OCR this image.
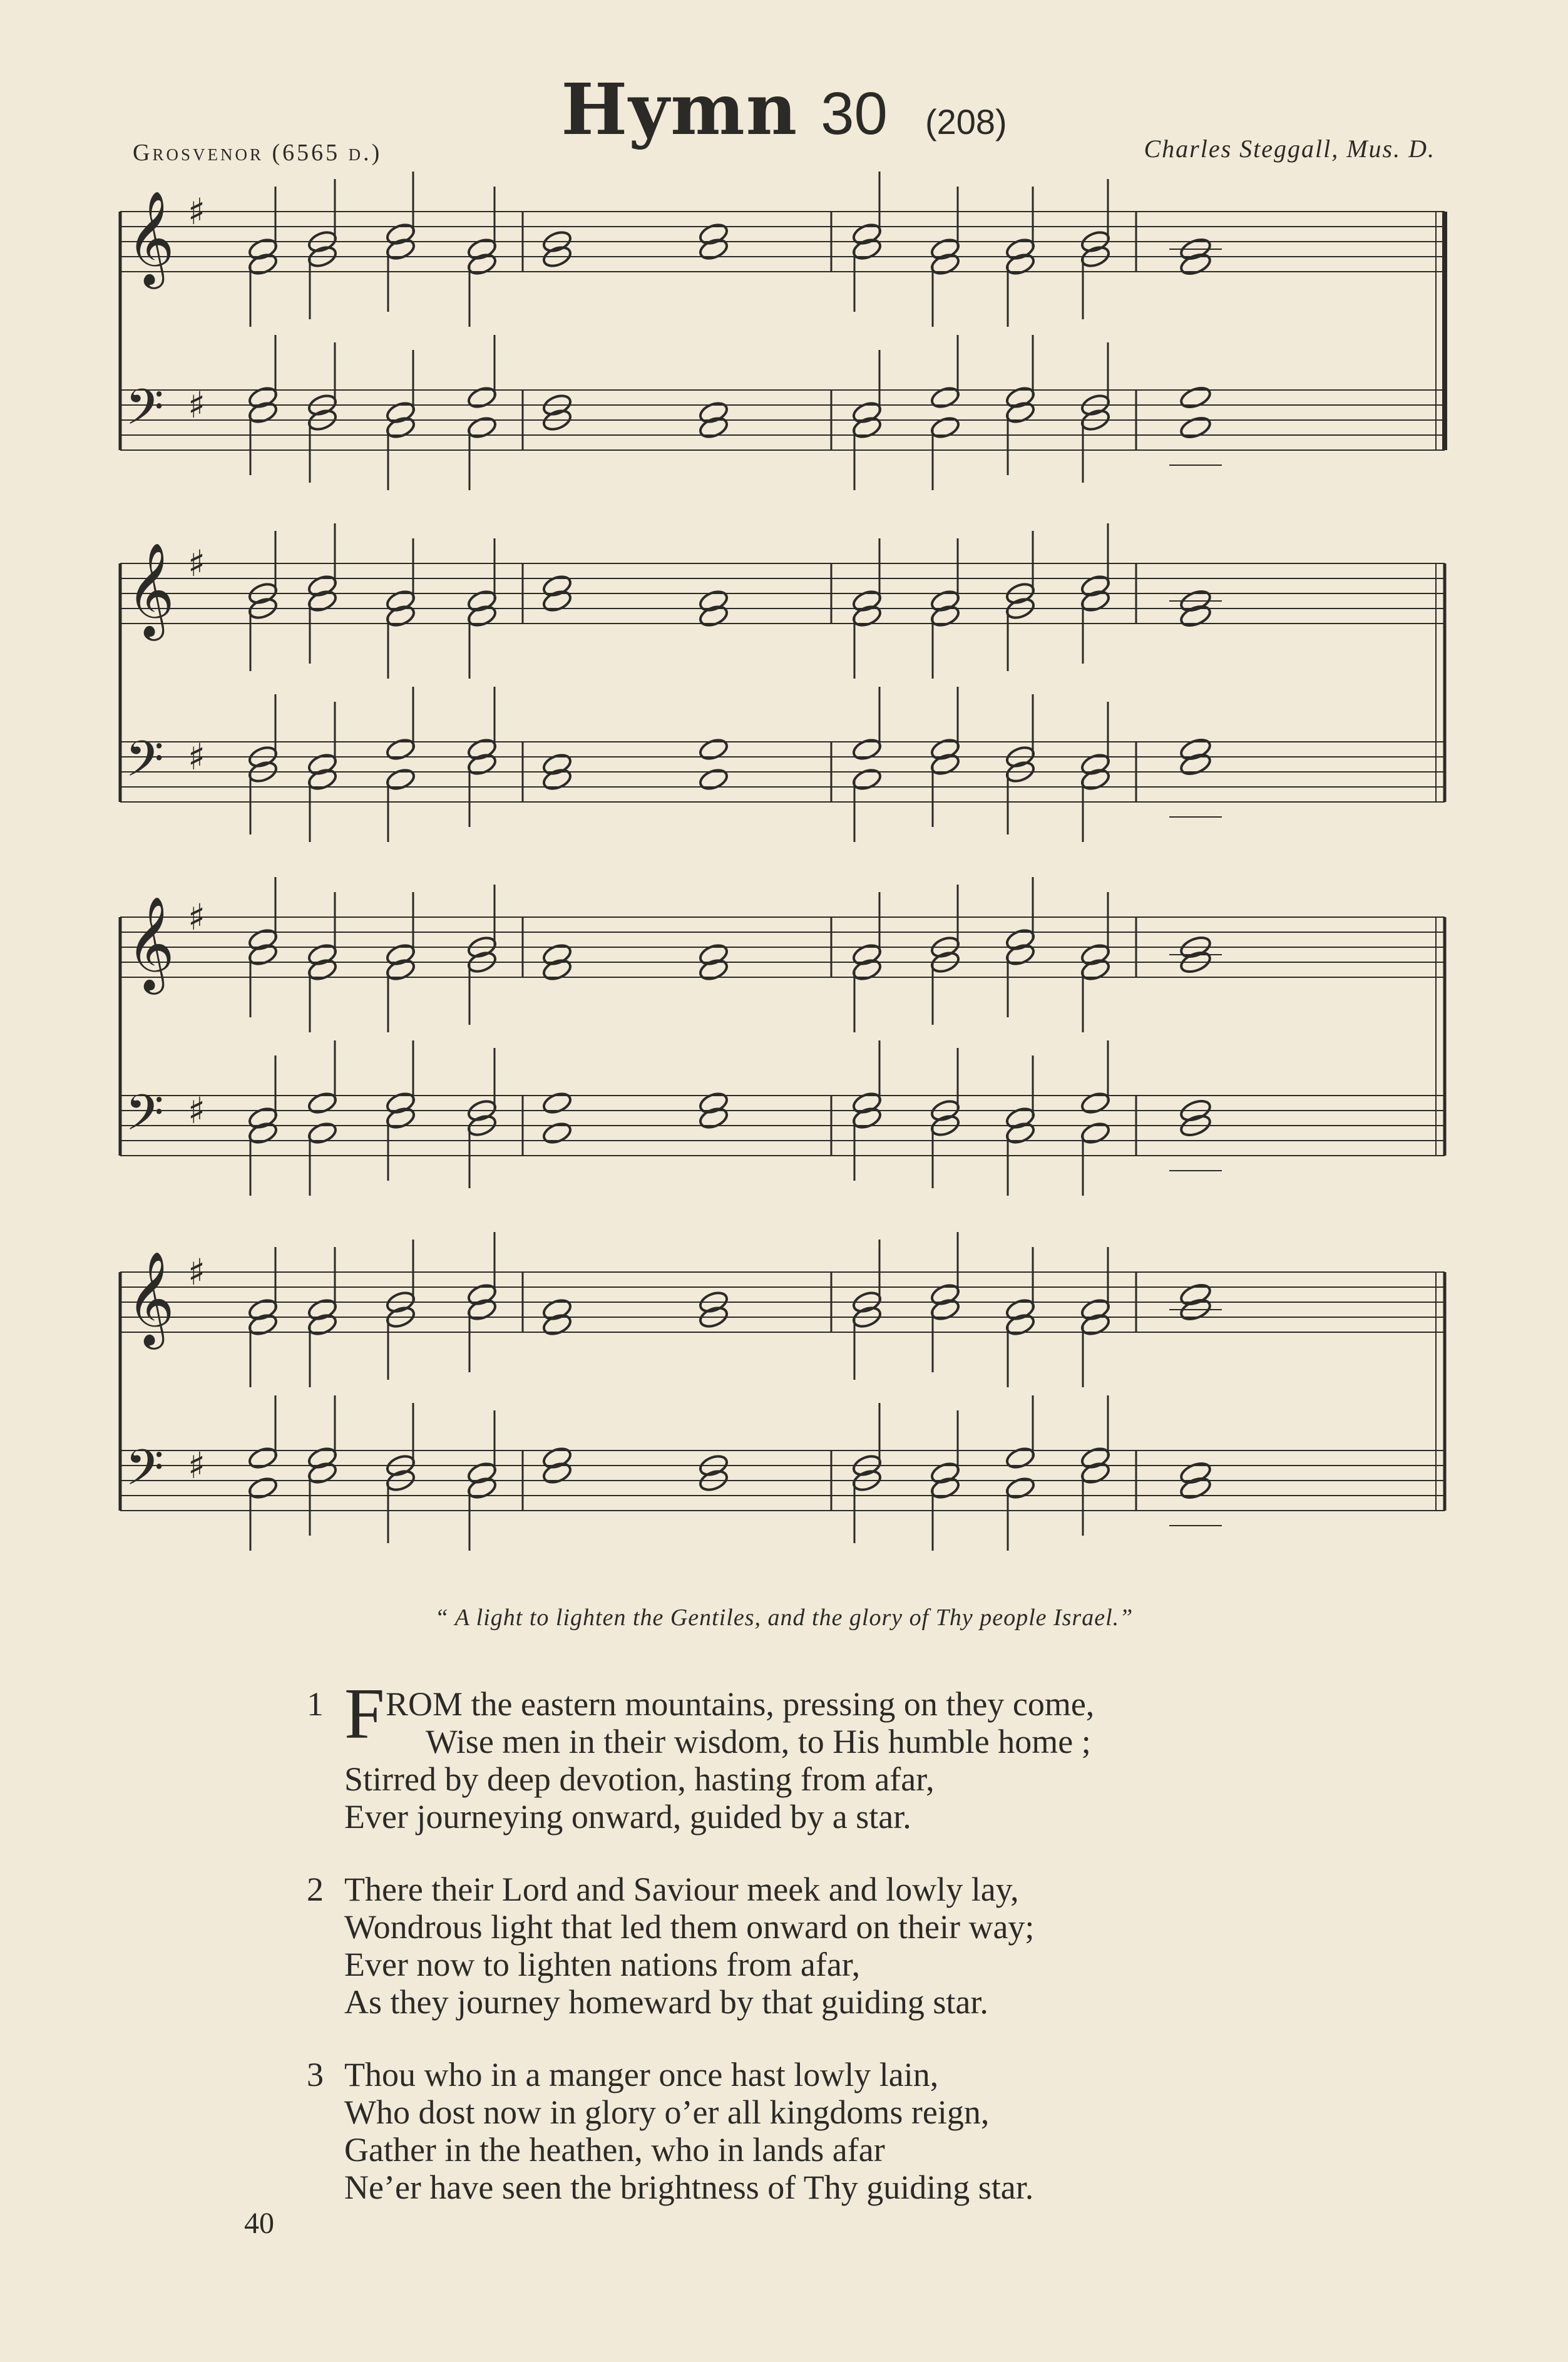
Hymn 30 (208)
Grosvenor (6565 d.)	Charles Steggall, Mus. D.
𝄞
𝄢
♯
♯
𝄞
𝄢
♯
♯
𝄞
𝄢
♯
♯
𝄞
𝄢
♯
♯
“ A light to lighten the Gentiles, and the glory of Thy people Israel.”
F
1 ROM the eastern mountains, pressing on they come,
Wise men in their wisdom, to His humble home ;
Stirred by deep devotion, hasting from afar,
Ever journeying onward, guided by a star.
2 There their Lord and Saviour meek and lowly lay,
Wondrous light that led them onward on their way;
Ever now to lighten nations from afar,
As they journey homeward by that guiding star.
3 Thou who in a manger once hast lowly lain,
Who dost now in glory o’er all kingdoms reign,
Gather in the heathen, who in lands afar
Ne’er have seen the brightness of Thy guiding star.
40
